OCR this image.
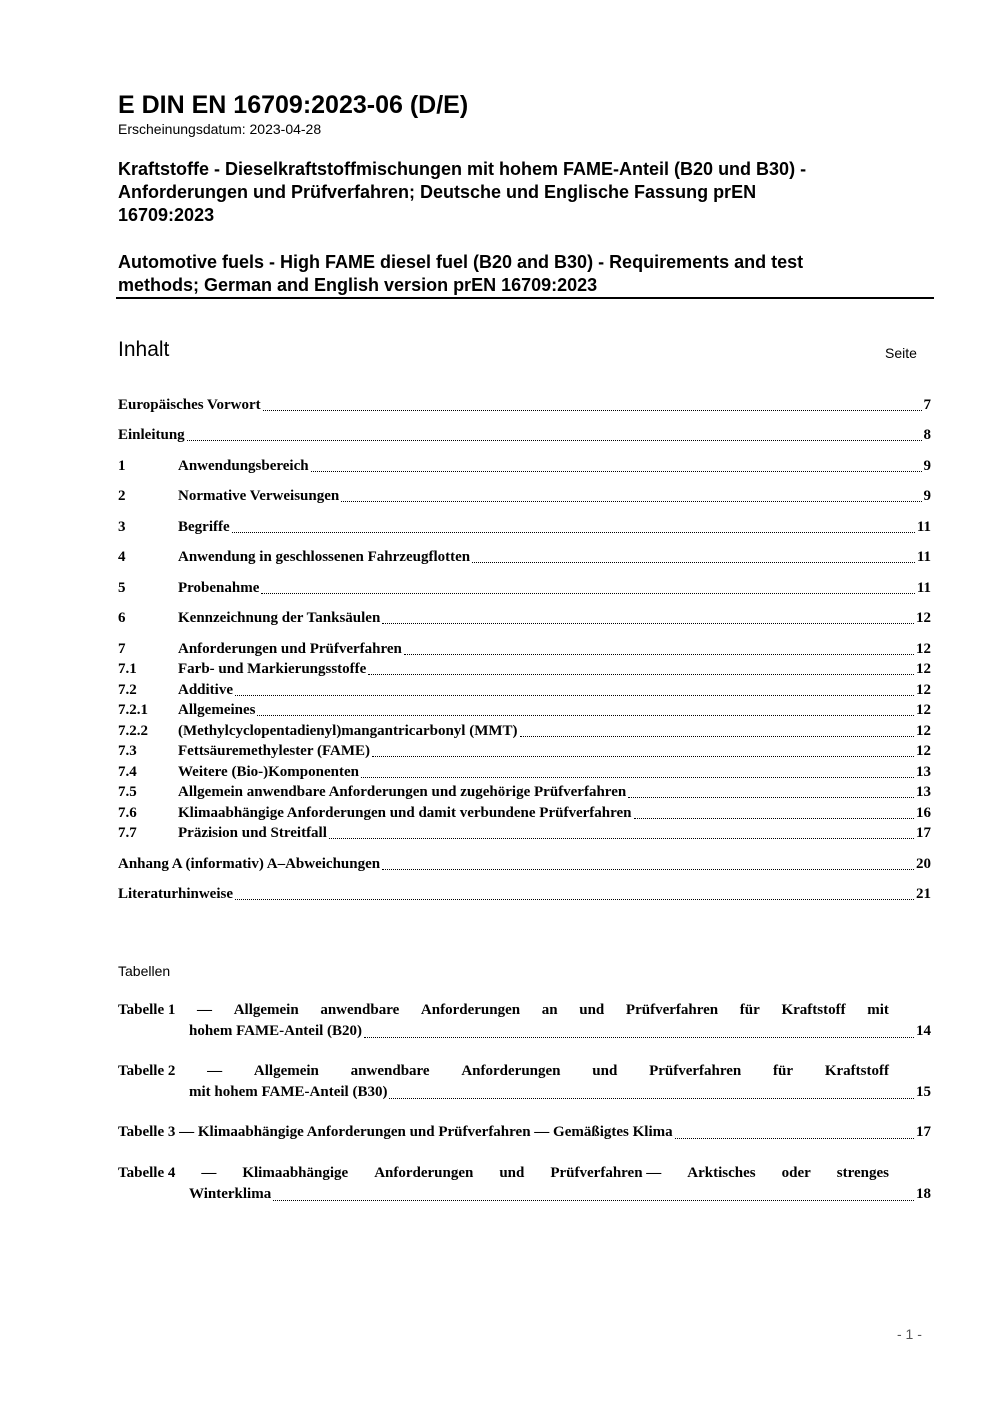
E DIN EN 16709:2023-06 (D/E)
Erscheinungsdatum: 2023-04-28
Kraftstoffe - Dieselkraftstoffmischungen mit hohem FAME-Anteil (B20 und B30) -
Anforderungen und Prüfverfahren; Deutsche und Englische Fassung prEN
16709:2023
Automotive fuels - High FAME diesel fuel (B20 and B30) - Requirements and test
methods; German and English version prEN 16709:2023
Inhalt	Seite
Europäisches Vorwort	7
Einleitung	8
1	Anwendungsbereich	9
2	Normative Verweisungen	9
3	Begriffe	11
4	Anwendung in geschlossenen Fahrzeugflotten	11
5	Probenahme	11
6	Kennzeichnung der Tanksäulen	12
7	Anforderungen und Prüfverfahren	12
7.1	Farb- und Markierungsstoffe	12
7.2	Additive	12
7.2.1	Allgemeines	12
7.2.2	(Methylcyclopentadienyl)mangantricarbonyl (MMT)	12
7.3	Fettsäuremethylester (FAME)	12
7.4	Weitere (Bio-)Komponenten	13
7.5	Allgemein anwendbare Anforderungen und zugehörige Prüfverfahren	13
7.6	Klimaabhängige Anforderungen und damit verbundene Prüfverfahren	16
7.7	Präzision und Streitfall	17
Anhang A (informativ) A–Abweichungen	20
Literaturhinweise	21
Tabellen
Tabelle 1 — Allgemein anwendbare Anforderungen an und Prüfverfahren für Kraftstoff mit
hohem FAME-Anteil (B20)	14
Tabelle 2 — Allgemein anwendbare Anforderungen und Prüfverfahren für Kraftstoff
mit hohem FAME-Anteil (B30)	15
Tabelle 3 — Klimaabhängige Anforderungen und Prüfverfahren — Gemäßigtes Klima	17
Tabelle 4 — Klimaabhängige Anforderungen und Prüfverfahren — Arktisches oder strenges
Winterklima	18
- 1 -
